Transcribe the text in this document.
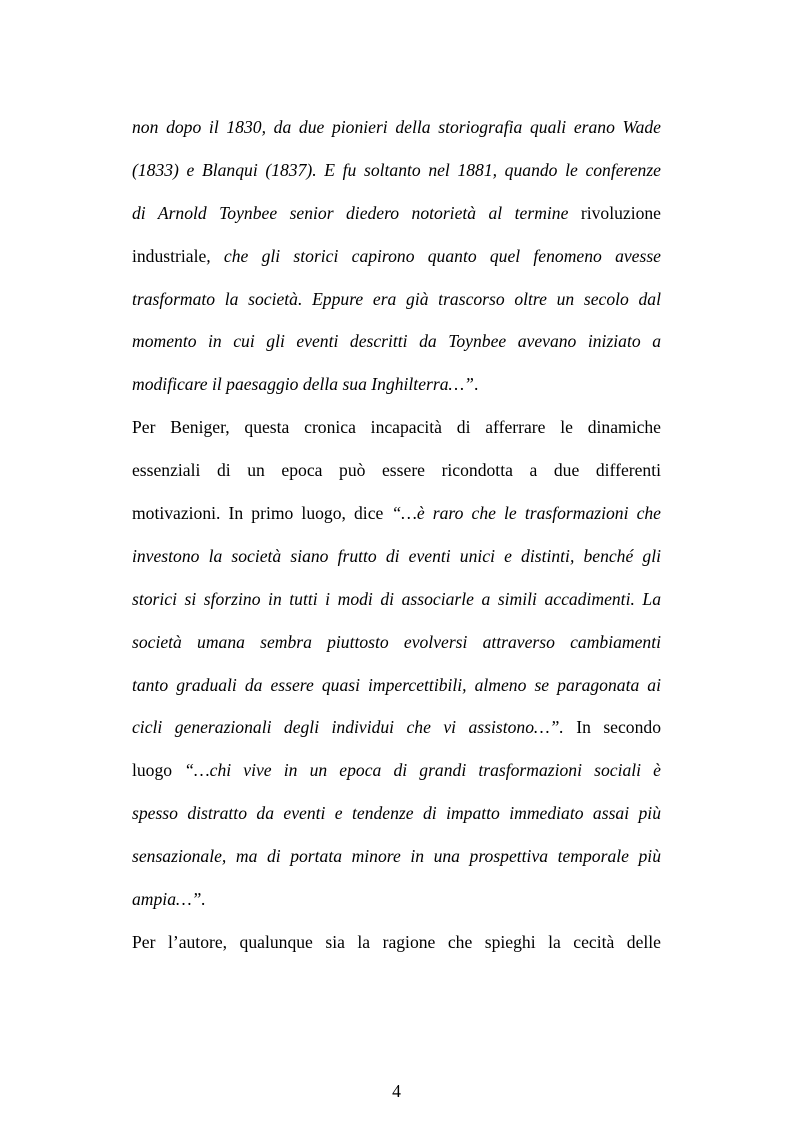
non dopo il 1830, da due pionieri della storiografia quali erano Wade
(1833) e Blanqui (1837). E fu soltanto nel 1881, quando le conferenze
di Arnold Toynbee senior diedero notorietà al termine rivoluzione
industriale, che gli storici capirono quanto quel fenomeno avesse
trasformato la società. Eppure era già trascorso oltre un secolo dal
momento in cui gli eventi descritti da Toynbee avevano iniziato a
modificare il paesaggio della sua Inghilterra…”.
Per Beniger, questa cronica incapacità di afferrare le dinamiche
essenziali di un epoca può essere ricondotta a due differenti
motivazioni. In primo luogo, dice “…è raro che le trasformazioni che
investono la società siano frutto di eventi unici e distinti, benché gli
storici si sforzino in tutti i modi di associarle a simili accadimenti. La
società umana sembra piuttosto evolversi attraverso cambiamenti
tanto graduali da essere quasi impercettibili, almeno se paragonata ai
cicli generazionali degli individui che vi assistono…”. In secondo
luogo “…chi vive in un epoca di grandi trasformazioni sociali è
spesso distratto da eventi e tendenze di impatto immediato assai più
sensazionale, ma di portata minore in una prospettiva temporale più
ampia…”.
Per l’autore, qualunque sia la ragione che spieghi la cecità delle
4
